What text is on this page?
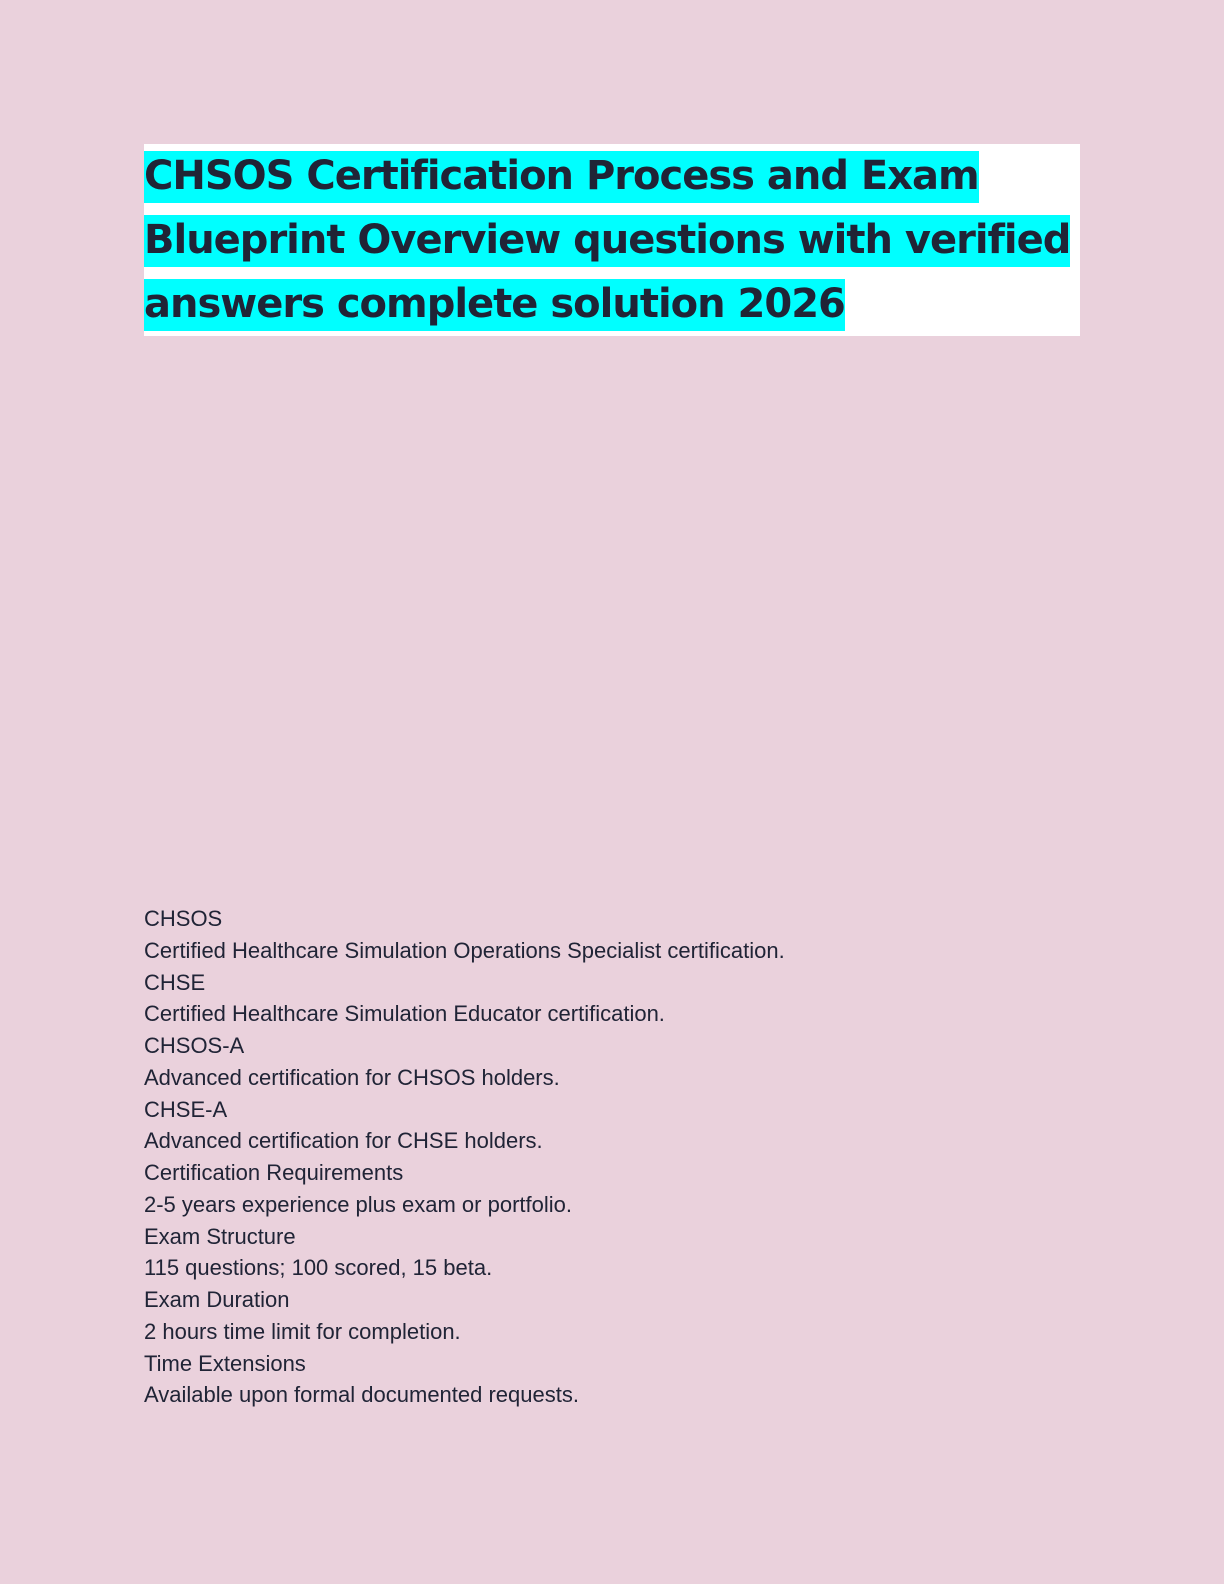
CHSOS Certification Process and Exam Blueprint Overview questions with verified answers complete solution 2026
CHSOS
Certified Healthcare Simulation Operations Specialist certification.
CHSE
Certified Healthcare Simulation Educator certification.
CHSOS-A
Advanced certification for CHSOS holders.
CHSE-A
Advanced certification for CHSE holders.
Certification Requirements
2-5 years experience plus exam or portfolio.
Exam Structure
115 questions; 100 scored, 15 beta.
Exam Duration
2 hours time limit for completion.
Time Extensions
Available upon formal documented requests.
